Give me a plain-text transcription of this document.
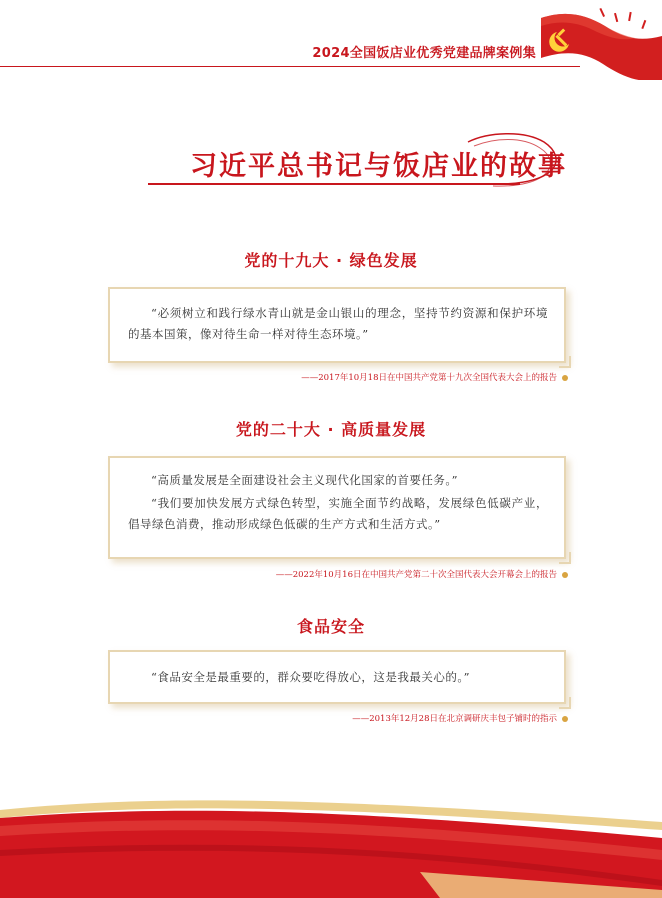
2024全国饭店业优秀党建品牌案例集
习近平总书记与饭店业的故事
党的十九大 · 绿色发展

“必须树立和践行绿水青山就是金山银山的理念，坚持节约资源和保护环境的基本国策，像对待生命一样对待生态环境。”

——2017年10月18日在中国共产党第十九次全国代表大会上的报告
党的二十大 · 高质量发展

“高质量发展是全面建设社会主义现代化国家的首要任务。”

“我们要加快发展方式绿色转型，实施全面节约战略，发展绿色低碳产业，倡导绿色消费，推动形成绿色低碳的生产方式和生活方式。”

——2022年10月16日在中国共产党第二十次全国代表大会开幕会上的报告
食品安全

“食品安全是最重要的，群众要吃得放心，这是我最关心的。”

——2013年12月28日在北京调研庆丰包子铺时的指示
